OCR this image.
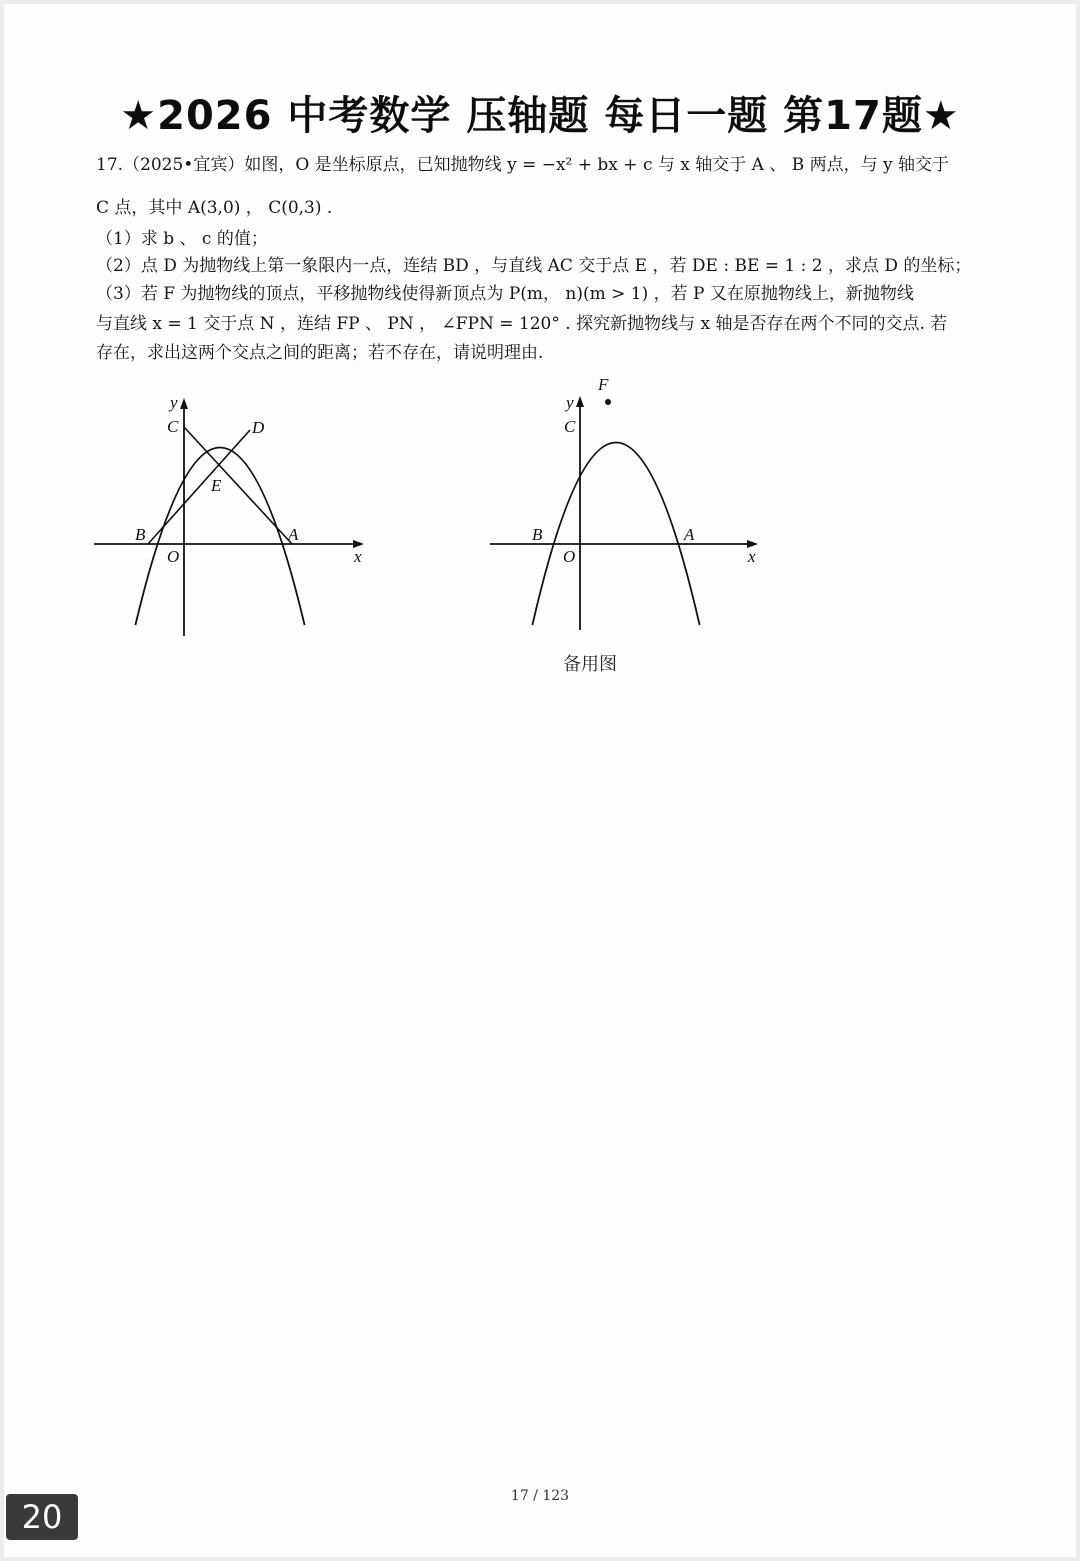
★2026 中考数学 压轴题 每日一题 第17题★
17.（2025•宜宾）如图，O 是坐标原点，已知抛物线 y = −x² + bx + c 与 x 轴交于 A 、 B 两点，与 y 轴交于
C 点，其中 A(3,0) ， C(0,3) .
（1）求 b 、 c 的值；
（2）点 D 为抛物线上第一象限内一点，连结 BD ，与直线 AC 交于点 E ，若 DE : BE = 1 : 2 ，求点 D 的坐标；
（3）若 F 为抛物线的顶点，平移抛物线使得新顶点为 P(m， n)(m > 1) ，若 P 又在原抛物线上，新抛物线
与直线 x = 1 交于点 N ，连结 FP 、 PN ， ∠FPN = 120° . 探究新抛物线与 x 轴是否存在两个不同的交点. 若
存在，求出这两个交点之间的距离；若不存在，请说明理由.
y
x
O
C	D
E
B	A
F
y
x
O
C
B	A
备用图
17 / 123
20
